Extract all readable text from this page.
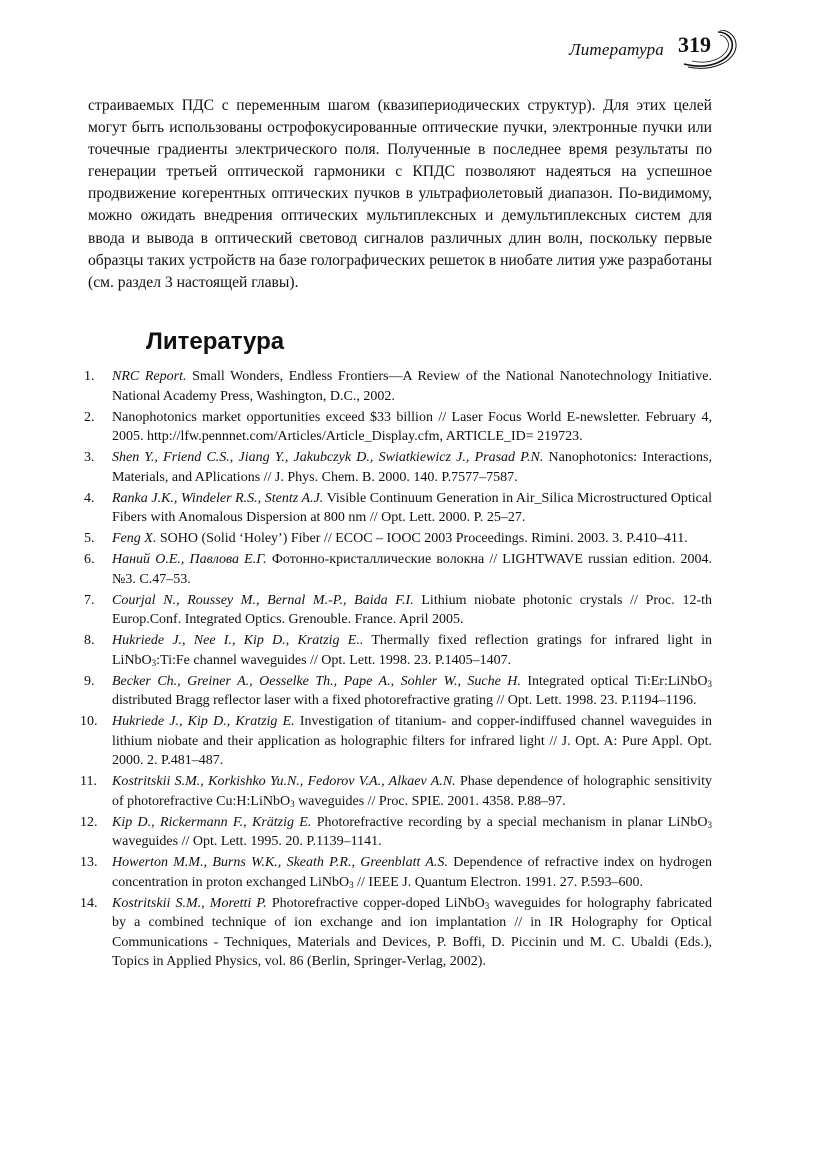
Литература 319

страиваемых ПДС с переменным шагом (квазипериодических структур). Для этих целей могут быть использованы острофокусированные оптические пучки, электронные пучки или точечные градиенты электрического поля. Полученные в последнее время результаты по генерации третьей оптической гармоники с КПДС позволяют надеяться на успешное продвижение когерентных оптических пучков в ультрафиолетовый диапазон. По-видимому, можно ожидать внедрения оптических мультиплексных и демультиплексных систем для ввода и вывода в оптический световод сигналов различных длин волн, поскольку первые образцы таких устройств на базе голографических решеток в ниобате лития уже разработаны (см. раздел 3 настоящей главы).

Литература
1. NRC Report. Small Wonders, Endless Frontiers—A Review of the National Nanotechnology Initiative. National Academy Press, Washington, D.C., 2002.
2. Nanophotonics market opportunities exceed $33 billion // Laser Focus World E-newsletter. February 4, 2005. http://lfw.pennnet.com/Articles/Article_Display.cfm, ARTICLE_ID= 219723.
3. Shen Y., Friend C.S., Jiang Y., Jakubczyk D., Swiatkiewicz J., Prasad P.N. Nanophotonics: Interactions, Materials, and APlications // J. Phys. Chem. B. 2000. 140. P.7577–7587.
4. Ranka J.K., Windeler R.S., Stentz A.J. Visible Continuum Generation in Air_Silica Microstructured Optical Fibers with Anomalous Dispersion at 800 nm // Opt. Lett. 2000. P. 25–27.
5. Feng X. SOHO (Solid ‘Holey’) Fiber // ECOC – IOOC 2003 Proceedings. Rimini. 2003. 3. P.410–411.
6. Наний О.Е., Павлова Е.Г. Фотонно-кристаллические волокна // LIGHTWAVE russian edition. 2004. №3. С.47–53.
7. Courjal N., Roussey M., Bernal M.-P., Baida F.I. Lithium niobate photonic crystals // Proc. 12-th Europ.Conf. Integrated Optics. Grenouble. France. April 2005.
8. Hukriede J., Nee I., Kip D., Kratzig E.. Thermally fixed reflection gratings for infrared light in LiNbO$_3$:Ti:Fe channel waveguides // Opt. Lett. 1998. 23. P.1405–1407.
9. Becker Ch., Greiner A., Oesselke Th., Pape A., Sohler W., Suche H. Integrated optical Ti:Er:LiNbO$_3$ distributed Bragg reflector laser with a fixed photorefractive grating // Opt. Lett. 1998. 23. P.1194–1196.
10. Hukriede J., Kip D., Kratzig E. Investigation of titanium- and copper-indiffused channel waveguides in lithium niobate and their application as holographic filters for infrared light // J. Opt. A: Pure Appl. Opt. 2000. 2. P.481–487.
11. Kostritskii S.M., Korkishko Yu.N., Fedorov V.A., Alkaev A.N. Phase dependence of holographic sensitivity of photorefractive Cu:H:LiNbO$_3$ waveguides // Proc. SPIE. 2001. 4358. P.88–97.
12. Kip D., Rickermann F., Krätzig E. Photorefractive recording by a special mechanism in planar LiNbO$_3$ waveguides // Opt. Lett. 1995. 20. P.1139–1141.
13. Howerton M.M., Burns W.K., Skeath P.R., Greenblatt A.S. Dependence of refractive index on hydrogen concentration in proton exchanged LiNbO$_3$ // IEEE J. Quantum Electron. 1991. 27. P.593–600.
14. Kostritskii S.M., Moretti P. Photorefractive copper-doped LiNbO$_3$ waveguides for holography fabricated by a combined technique of ion exchange and ion implantation // in IR Holography for Optical Communications - Techniques, Materials and Devices, P. Boffi, D. Piccinin und M. C. Ubaldi (Eds.), Topics in Applied Physics, vol. 86 (Berlin, Springer-Verlag, 2002).
